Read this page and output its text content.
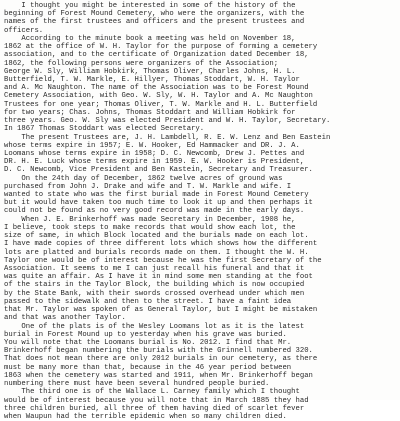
I thought you might be interested in some of the history of the
beginning of Forest Mound Cemetery, who were the organizers, with the
names of the first trustees and officers and the present trustees and
officers.
According to the minute book a meeting was held on November 18,
1862 at the office of W. H. Taylor for the purpose of forming a cemetery
association, and to the certificate of Organization dated December 18,
1862, the following persons were organizers of the Association;
George W. Sly, William Hobkirk, Thomas Oliver, Charles Johns, H. L.
Butterfield, T. W. Markle, E. Hillyer, Thomas Stoddart, W. H. Taylor
and A. Mc Naughton. The name of the Association was to be Forest Mound
Cemetery Association, with Geo. W. Sly, W. H. Taylor and A. Mc Naughton
Trustees for one year; Thomas Oliver, T. W. Markle and H. L. Butterfield
for two years; Chas. Johns, Thomas Stoddart and William Hobkirk for
three years. Geo. W. Sly was elected President and W. H. Taylor, Secretary.
In 1867 Thomas Stoddart was elected Secretary.
The present Trustees are, J. H. Lambdell, R. E. W. Lenz and Ben Eastein
whose terms expire in 1957; E. W. Hooker, Ed Hammacker and DR. J. A.
Loomans whose terms expire in 1958; D. C. Newcomb, Drew J. Pettes and
DR. H. E. Luck whose terms expire in 1959. E. W. Hooker is President,
D. C. Newcomb, Vice President and Ben Kastein, Secretary and Treasurer.
On the 24th day of December, 1862 twelve acres of ground was
purchased from John J. Drake and wife and T. W. Markle and wife. I
wanted to state who was the first burial made in Forest Mound Cemetery
but it would have taken too much time to look it up and then perhaps it
could not be found as no very good record was made in the early days.
When J. E. Brinkerhoff was made Secretary in December, 1908 he,
I believe, took steps to make records that would show each lot, the
size of same, in which Block located and the burials made on each lot.
I have made copies of three different lots which shows how the different
lots are platted and burials records made on them. I thought the W. H.
Taylor one would be of interest because he was the first Secretary of the
Association. It seems to me I can just recall his funeral and that it
was quite an affair. As I have it in mind some men standing at the foot
of the stairs in the Taylor Block, the building which is now occupied
by the State Bank, with their swords crossed overhead under which men
passed to the sidewalk and then to the street. I have a faint idea
that Mr. Taylor was spoken of as General Taylor, but I might be mistaken
and that was another Taylor.
One of the plats is of the Wesley Loomans lot as it is the latest
burial in Forest Mound up to yesterday when his grave was buried.
You will note that the Loomans burial is No. 2012. I find that Mr.
Brinkerhoff began numbering the burials with the Grinnell numbered 320.
That does not mean there are only 2012 burials in our cemetery, as there
must be many more than that, because in the 46 year period between
1863 when the cemetery was started and 1911, when Mr. Brinkerhoff began
numbering there must have been several hundred people buried.
The third one is of the Wallace L. Carney family which I thought
would be of interest because you will note that in March 1885 they had
three children buried, all three of them having died of scarlet fever
when Waupun had the terrible epidemic when so many children died.
